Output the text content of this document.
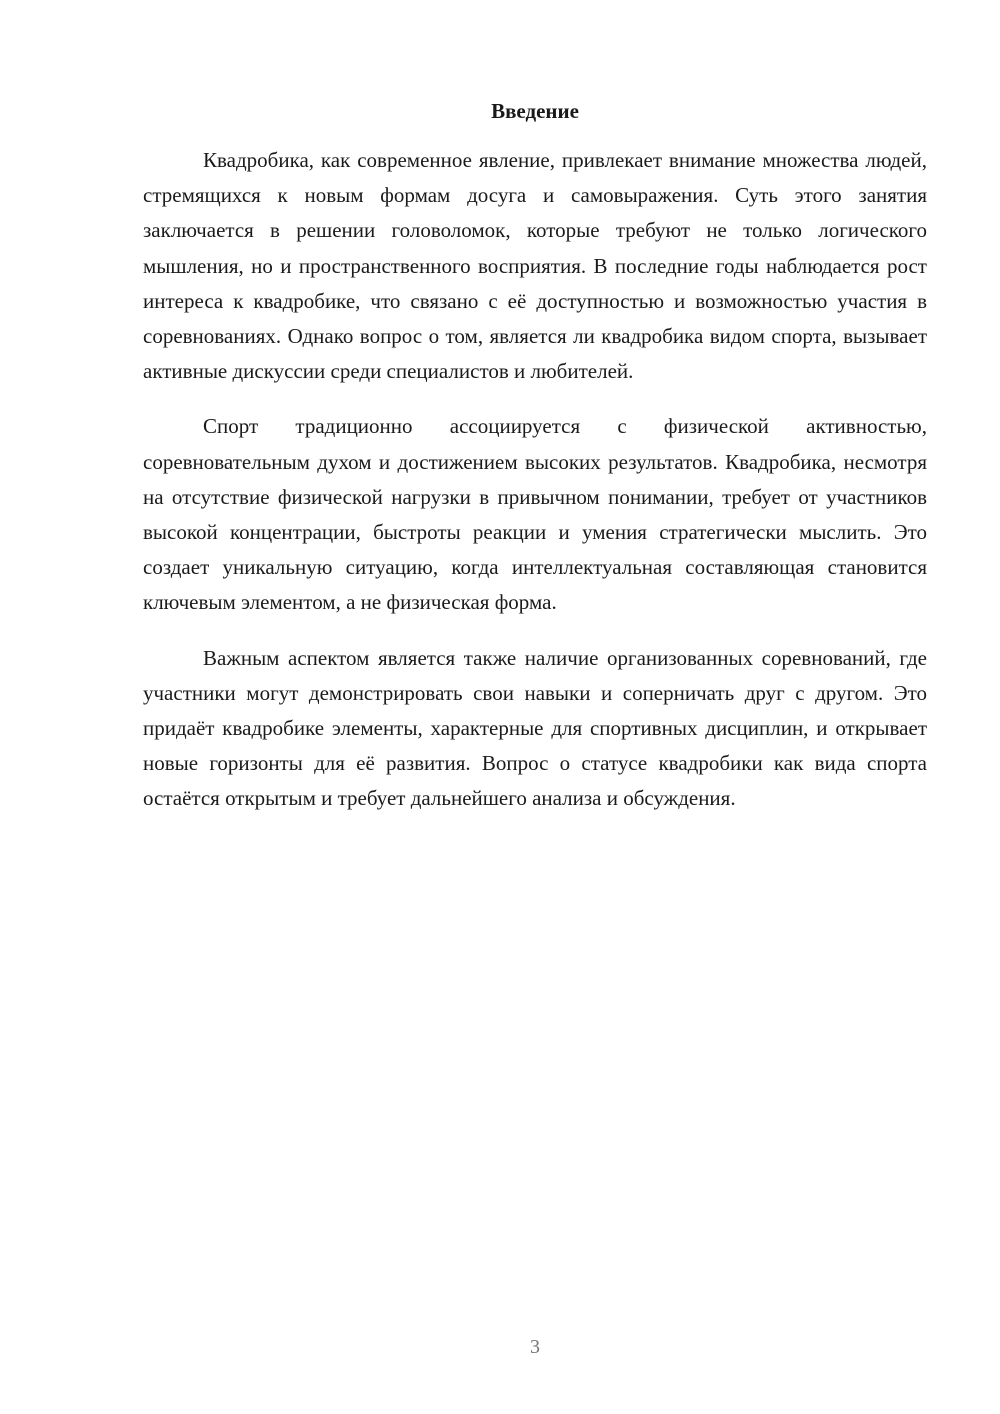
Введение

Квадробика, как современное явление, привлекает внимание множества людей, стремящихся к новым формам досуга и самовыражения. Суть этого занятия заключается в решении головоломок, которые требуют не только логического мышления, но и пространственного восприятия. В последние годы наблюдается рост интереса к квадробике, что связано с её доступностью и возможностью участия в соревнованиях. Однако вопрос о том, является ли квадробика видом спорта, вызывает активные дискуссии среди специалистов и любителей.

Спорт традиционно ассоциируется с физической активностью, соревновательным духом и достижением высоких результатов. Квадробика, несмотря на отсутствие физической нагрузки в привычном понимании, требует от участников высокой концентрации, быстроты реакции и умения стратегически мыслить. Это создает уникальную ситуацию, когда интеллектуальная составляющая становится ключевым элементом, а не физическая форма.

Важным аспектом является также наличие организованных соревнований, где участники могут демонстрировать свои навыки и соперничать друг с другом. Это придаёт квадробике элементы, характерные для спортивных дисциплин, и открывает новые горизонты для её развития. Вопрос о статусе квадробики как вида спорта остаётся открытым и требует дальнейшего анализа и обсуждения.

3
